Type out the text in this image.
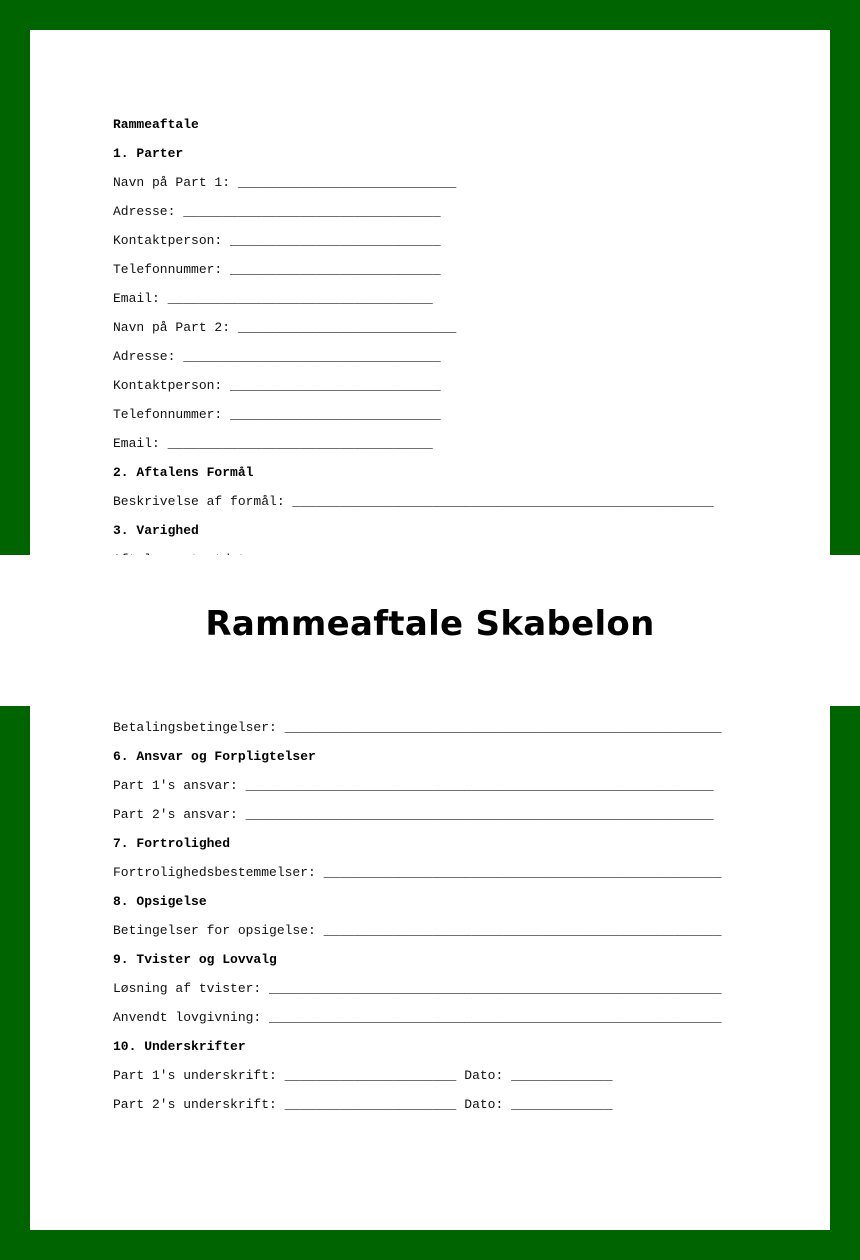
Rammeaftale
1. Parter
Navn på Part 1: ____________________________
Adresse: _________________________________
Kontaktperson: ___________________________
Telefonnummer: ___________________________
Email: __________________________________
Navn på Part 2: ____________________________
Adresse: _________________________________
Kontaktperson: ___________________________
Telefonnummer: ___________________________
Email: __________________________________
2. Aftalens Formål
Beskrivelse af formål: ______________________________________________________
3. Varighed
Rammeaftale Skabelon
Betalingsbetingelser: ________________________________________________________
6. Ansvar og Forpligtelser
Part 1's ansvar: ____________________________________________________________
Part 2's ansvar: ____________________________________________________________
7. Fortrolighed
Fortrolighedsbestemmelser: ___________________________________________________
8. Opsigelse
Betingelser for opsigelse: ___________________________________________________
9. Tvister og Lovvalg
Løsning af tvister: __________________________________________________________
Anvendt lovgivning: __________________________________________________________
10. Underskrifter
Part 1's underskrift: ______________________ Dato: _____________
Part 2's underskrift: ______________________ Dato: _____________
